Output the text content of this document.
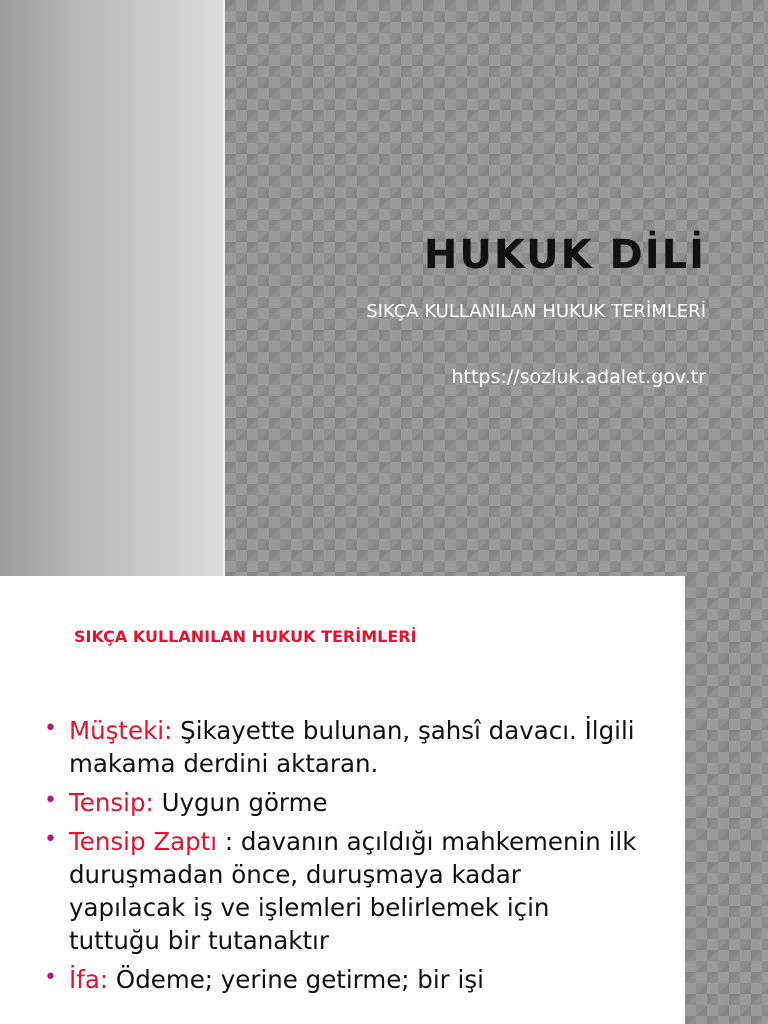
HUKUK DİLİ
SIKÇA KULLANILAN HUKUK TERİMLERİ
https://sozluk.adalet.gov.tr
SIKÇA KULLANILAN HUKUK TERİMLERİ
• Müşteki: Şikayette bulunan, şahsî davacı. İlgili makama derdini aktaran.
• Tensip: Uygun görme
• Tensip Zaptı : davanın açıldığı mahkemenin ilk duruşmadan önce, duruşmaya kadar yapılacak iş ve işlemleri belirlemek için tuttuğu bir tutanaktır
• İfa: Ödeme; yerine getirme; bir işi
